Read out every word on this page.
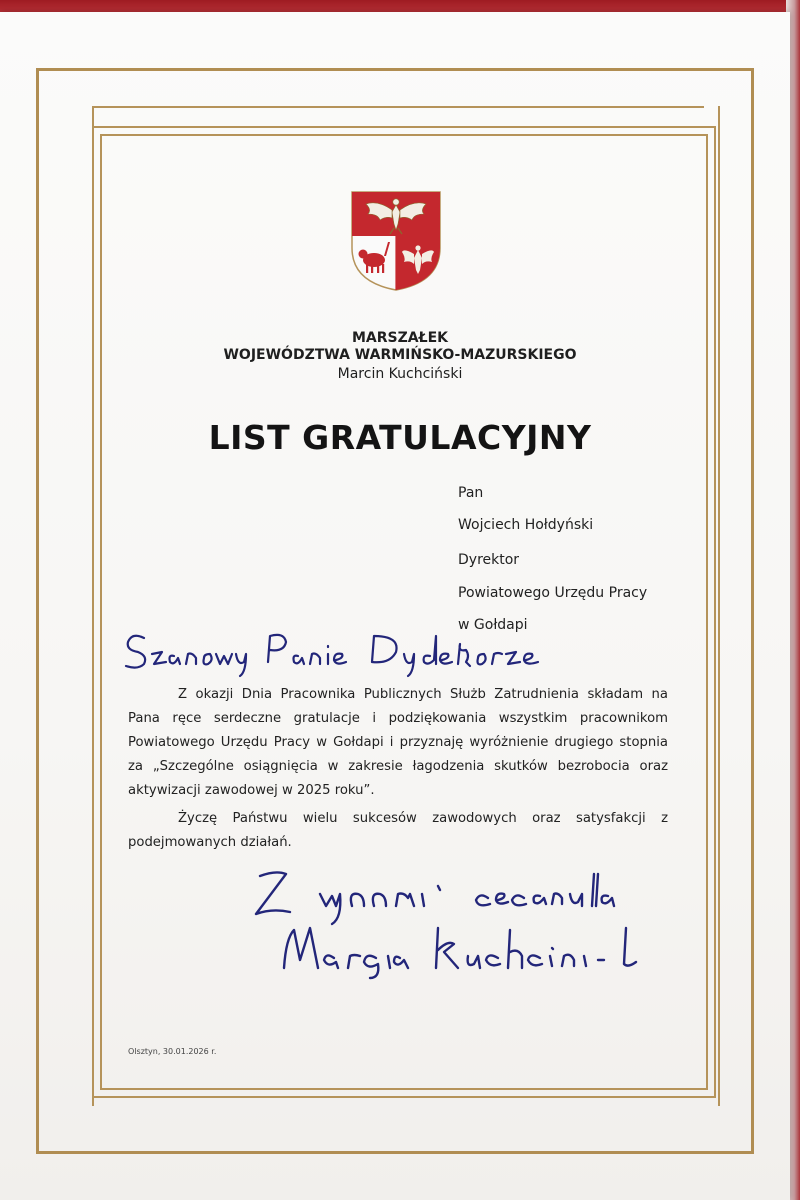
MARSZAŁEK
WOJEWÓDZTWA WARMIŃSKO-MAZURSKIEGO
Marcin Kuchciński
LIST GRATULACYJNY
Pan
Wojciech Hołdyński
Dyrektor
Powiatowego Urzędu Pracy
w Gołdapi
Z okazji Dnia Pracownika Publicznych Służb Zatrudnienia składam na Pana ręce serdeczne gratulacje i podziękowania wszystkim pracownikom Powiatowego Urzędu Pracy w Gołdapi i przyznaję wyróżnienie drugiego stopnia za „Szczególne osiągnięcia w zakresie łagodzenia skutków bezrobocia oraz aktywizacji zawodowej w 2025 roku”.
Życzę Państwu wielu sukcesów zawodowych oraz satysfakcji z podejmowanych działań.
Olsztyn, 30.01.2026 r.
